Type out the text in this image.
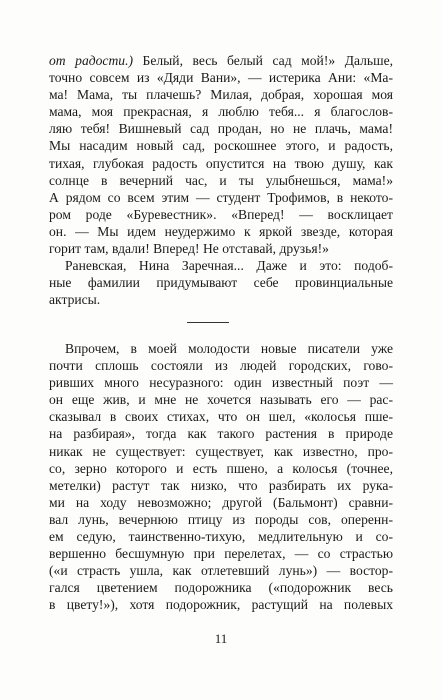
от радости.) Белый, весь белый сад мой!» Дальше,
точно совсем из «Дяди Вани», — истерика Ани: «Ма-
ма! Мама, ты плачешь? Милая, добрая, хорошая моя
мама, моя прекрасная, я люблю тебя... я благослов-
ляю тебя! Вишневый сад продан, но не плачь, мама!
Мы насадим новый сад, роскошнее этого, и радость,
тихая, глубокая радость опустится на твою душу, как
солнце в вечерний час, и ты улыбнешься, мама!»
А рядом со всем этим — студент Трофимов, в некото-
ром роде «Буревестник». «Вперед! — восклицает
он. — Мы идем неудержимо к яркой звезде, которая
горит там, вдали! Вперед! Не отставай, друзья!»
Раневская, Нина Заречная... Даже и это: подоб-
ные фамилии придумывают себе провинциальные
актрисы.
Впрочем, в моей молодости новые писатели уже
почти сплошь состояли из людей городских, гово-
ривших много несуразного: один известный поэт —
он еще жив, и мне не хочется называть его — рас-
сказывал в своих стихах, что он шел, «колосья пше-
на разбирая», тогда как такого растения в природе
никак не существует: существует, как известно, про-
со, зерно которого и есть пшено, а колосья (точнее,
метелки) растут так низко, что разбирать их рука-
ми на ходу невозможно; другой (Бальмонт) сравни-
вал лунь, вечернюю птицу из породы сов, оперенн-
ем седую, таинственно-тихую, медлительную и со-
вершенно бесшумную при перелетах, — со страстью
(«и страсть ушла, как отлетевший лунь») — востор-
гался цветением подорожника («подорожник весь
в цвету!»), хотя подорожник, растущий на полевых
11
